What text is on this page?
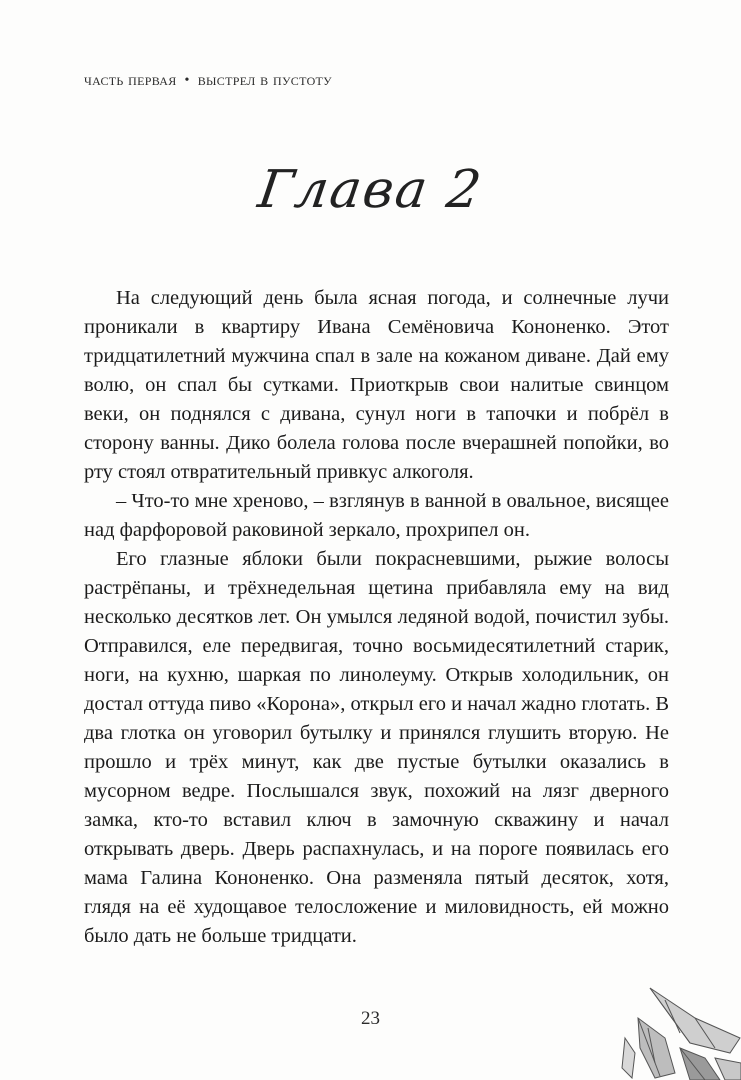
часть первая • выстрел в пустоту
Глава 2

На следующий день была ясная погода, и солнечные лучи проникали в квартиру Ивана Семёновича Кононенко. Этот тридцатилетний мужчина спал в зале на кожаном диване. Дай ему волю, он спал бы сутками. Приоткрыв свои налитые свинцом веки, он поднялся с дивана, сунул ноги в тапочки и побрёл в сторону ванны. Дико болела голова после вчерашней попойки, во рту стоял отвратительный привкус алкоголя.

– Что-то мне хреново, – взглянув в ванной в овальное, висящее над фарфоровой раковиной зеркало, прохрипел он.

Его глазные яблоки были покрасневшими, рыжие волосы растрёпаны, и трёхнедельная щетина прибавляла ему на вид несколько десятков лет. Он умылся ледяной водой, почистил зубы. Отправился, еле передвигая, точно восьмидесятилетний старик, ноги, на кухню, шаркая по линолеуму. Открыв холодильник, он достал оттуда пиво «Корона», открыл его и начал жадно глотать. В два глотка он уговорил бутылку и принялся глушить вторую. Не прошло и трёх минут, как две пустые бутылки оказались в мусорном ведре. Послышался звук, похожий на лязг дверного замка, кто-то вставил ключ в замочную скважину и начал открывать дверь. Дверь распахнулась, и на пороге появилась его мама Галина Кононенко. Она разменяла пятый десяток, хотя, глядя на её худощавое телосложение и миловидность, ей можно было дать не больше тридцати.

23
